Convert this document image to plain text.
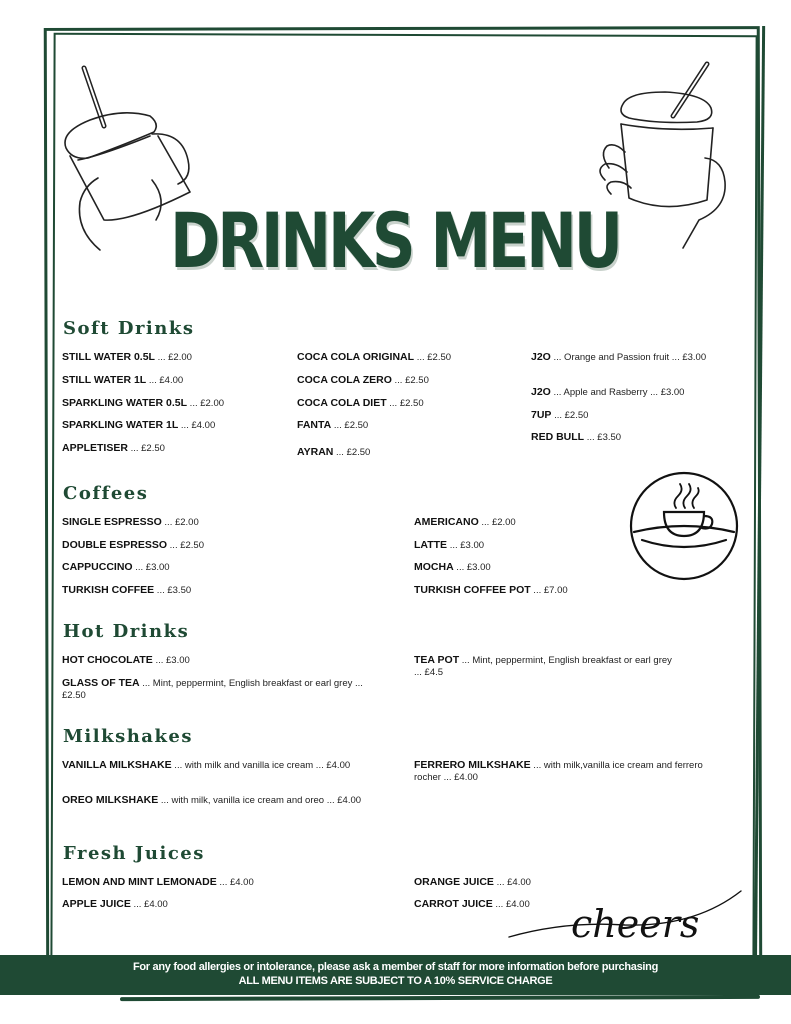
DRINKS MENU
Soft Drinks
STILL WATER 0.5L ... £2.00
STILL WATER 1L ... £4.00
SPARKLING WATER 0.5L ... £2.00
SPARKLING WATER 1L ... £4.00
APPLETISER ... £2.50
COCA COLA ORIGINAL ... £2.50
COCA COLA ZERO ... £2.50
COCA COLA DIET ... £2.50
FANTA ... £2.50
AYRAN ... £2.50
J2O ... Orange and Passion fruit ... £3.00
J2O ... Apple and Rasberry ... £3.00
7UP ... £2.50
RED BULL ... £3.50
Coffees
SINGLE ESPRESSO ... £2.00
DOUBLE ESPRESSO ... £2.50
CAPPUCCINO ... £3.00
TURKISH COFFEE ... £3.50
AMERICANO ... £2.00
LATTE ... £3.00
MOCHA ... £3.00
TURKISH COFFEE POT ... £7.00
Hot Drinks
HOT CHOCOLATE ... £3.00
GLASS OF TEA ... Mint, peppermint, English breakfast or earl grey ... £2.50
TEA POT ... Mint, peppermint, English breakfast or earl grey ... £4.5
Milkshakes
VANILLA MILKSHAKE ... with milk and vanilla ice cream ... £4.00
OREO MILKSHAKE ... with milk, vanilla ice cream and oreo ... £4.00
FERRERO MILKSHAKE ... with milk,vanilla ice cream and ferrero rocher ... £4.00
Fresh Juices
LEMON AND MINT LEMONADE ... £4.00
APPLE JUICE ... £4.00
ORANGE JUICE ... £4.00
CARROT JUICE ... £4.00	cheers
For any food allergies or intolerance, please ask a member of staff for more information before purchasing
ALL MENU ITEMS ARE SUBJECT TO A 10% SERVICE CHARGE
